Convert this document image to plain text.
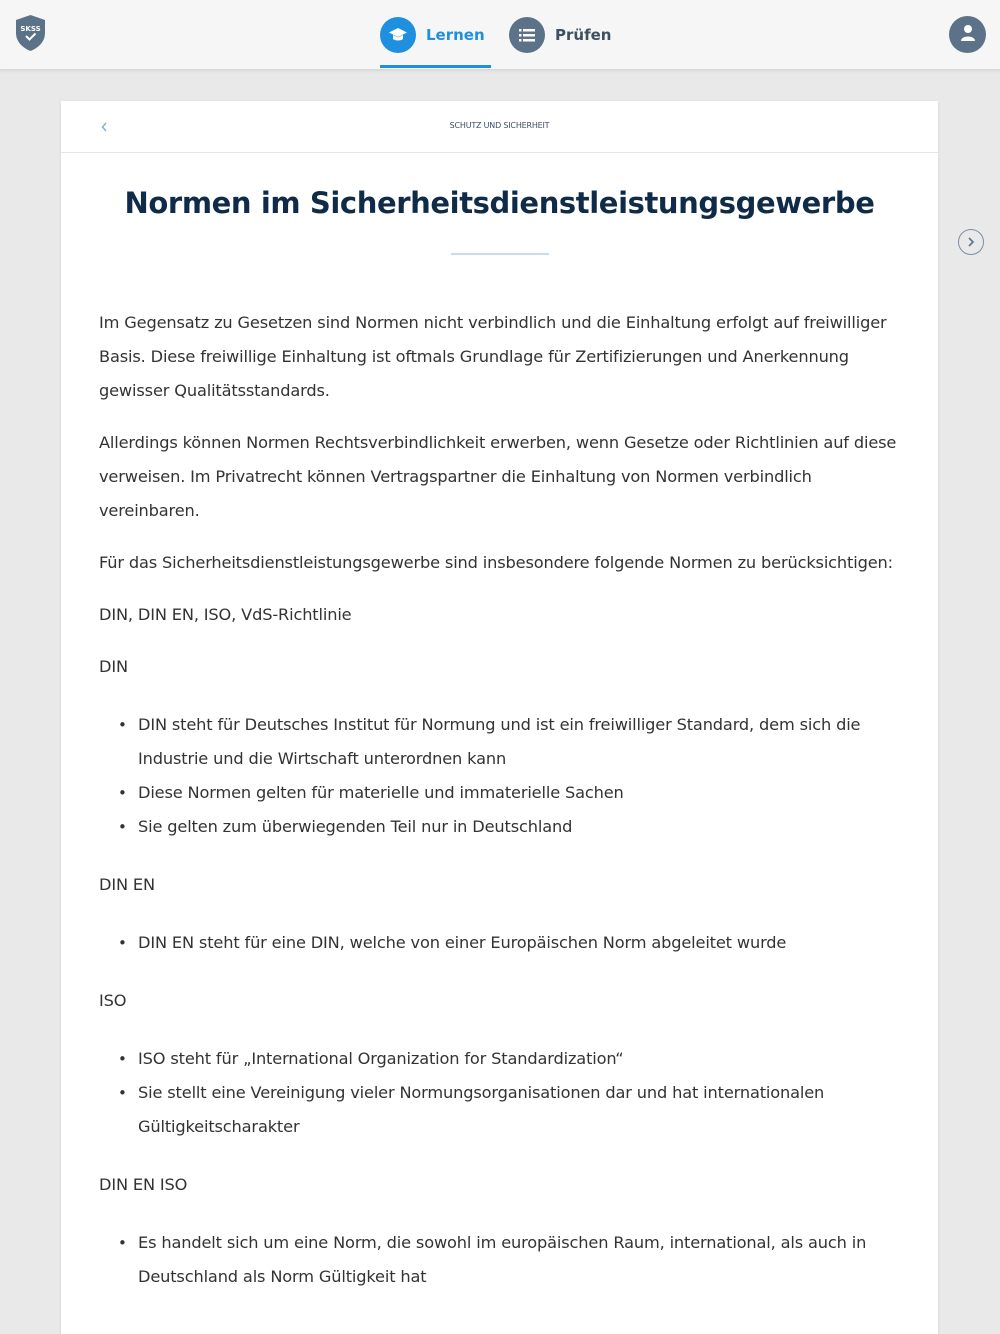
SKSS	Lernen	Prüfen
SCHUTZ UND SICHERHEIT
Normen im Sicherheitsdienstleistungsgewerbe

Im Gegensatz zu Gesetzen sind Normen nicht verbindlich und die Einhaltung erfolgt auf freiwilliger Basis. Diese freiwillige Einhaltung ist oftmals Grundlage für Zertifizierungen und Anerkennung gewisser Qualitätsstandards.

Allerdings können Normen Rechtsverbindlichkeit erwerben, wenn Gesetze oder Richtlinien auf diese verweisen. Im Privatrecht können Vertragspartner die Einhaltung von Normen verbindlich vereinbaren.

Für das Sicherheitsdienstleistungsgewerbe sind insbesondere folgende Normen zu berücksichtigen:

DIN, DIN EN, ISO, VdS-Richtlinie

DIN

• DIN steht für Deutsches Institut für Normung und ist ein freiwilliger Standard, dem sich die Industrie und die Wirtschaft unterordnen kann
• Diese Normen gelten für materielle und immaterielle Sachen
• Sie gelten zum überwiegenden Teil nur in Deutschland

DIN EN

• DIN EN steht für eine DIN, welche von einer Europäischen Norm abgeleitet wurde

ISO

• ISO steht für „International Organization for Standardization“
• Sie stellt eine Vereinigung vieler Normungsorganisationen dar und hat internationalen Gültigkeitscharakter

DIN EN ISO

• Es handelt sich um eine Norm, die sowohl im europäischen Raum, international, als auch in Deutschland als Norm Gültigkeit hat
